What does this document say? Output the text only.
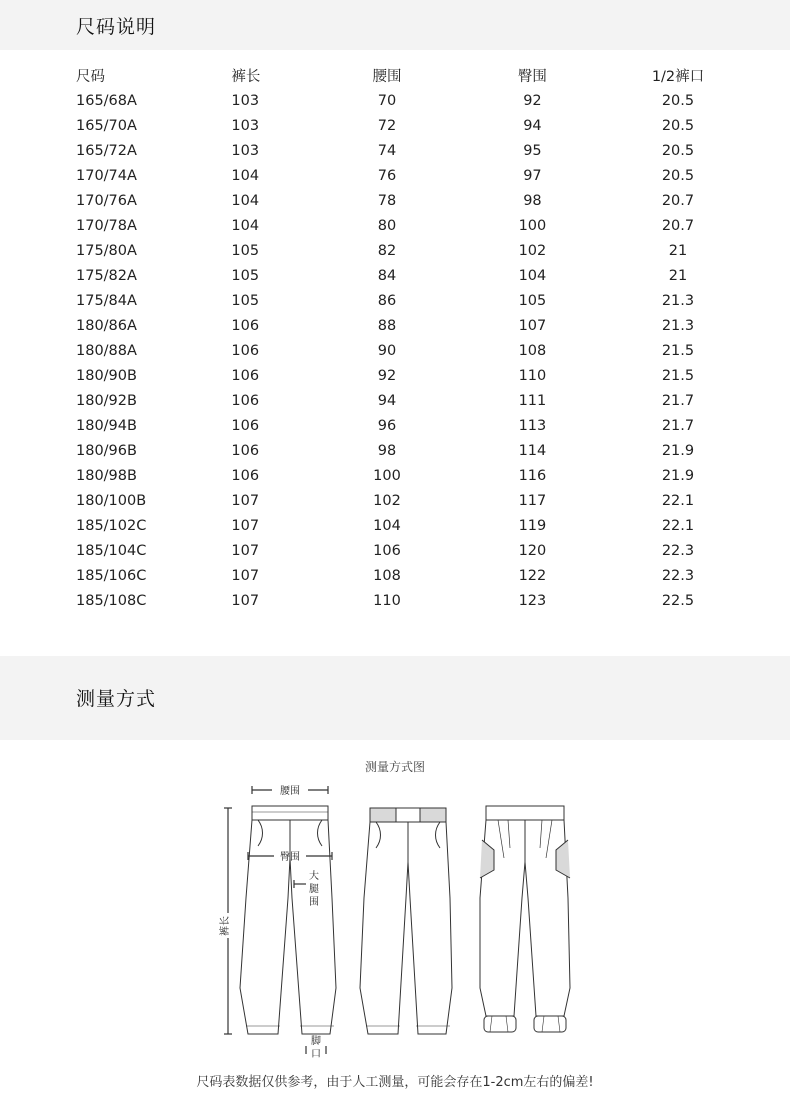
尺码说明
尺码	裤长	腰围	臀围	1/2裤口
165/68A	103	70	92	20.5
165/70A	103	72	94	20.5
165/72A	103	74	95	20.5
170/74A	104	76	97	20.5
170/76A	104	78	98	20.7
170/78A	104	80	100	20.7
175/80A	105	82	102	21
175/82A	105	84	104	21
175/84A	105	86	105	21.3
180/86A	106	88	107	21.3
180/88A	106	90	108	21.5
180/90B	106	92	110	21.5
180/92B	106	94	111	21.7
180/94B	106	96	113	21.7
180/96B	106	98	114	21.9
180/98B	106	100	116	21.9
180/100B	107	102	117	22.1
185/102C	107	104	119	22.1
185/104C	107	106	120	22.3
185/106C	107	108	122	22.3
185/108C	107	110	123	22.5
测量方式
测量方式图
腰围
臀围
大
腿
围
裤长
脚
口
尺码表数据仅供参考，由于人工测量，可能会存在1-2cm左右的偏差!
